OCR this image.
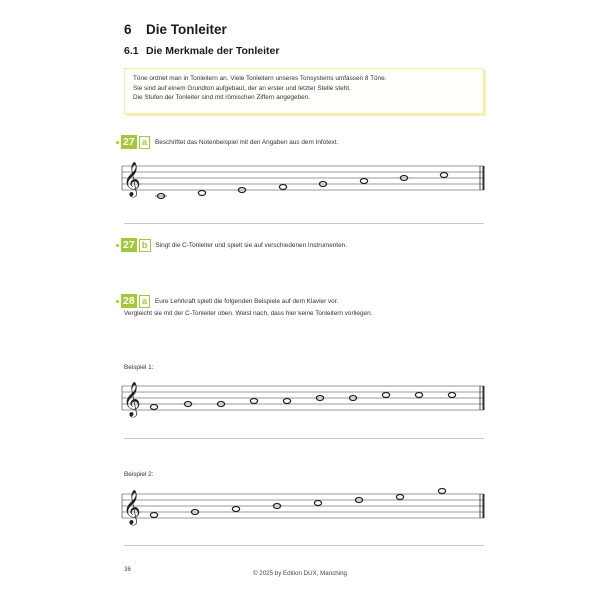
6 Die Tonleiter
6.1 Die Merkmale der Tonleiter
Töne ordnet man in Tonleitern an. Viele Tonleitern unseres Tonsystems umfassen 8 Töne.
Sie sind auf einem Grundton aufgebaut, der an erster und letzter Stelle steht.
Die Stufen der Tonleiter sind mit römischen Ziffern angegeben.
27 a	Beschriftet das Notenbeispiel mit den Angaben aus dem Infotext.
𝄞
27 b	Singt die C-Tonleiter und spielt sie auf verschiedenen Instrumenten.
28 a	Eure Lehrkraft spielt die folgenden Beispiele auf dem Klavier vor.
Vergleicht sie mit der C-Tonleiter oben. Weist nach, dass hier keine Tonleitern vorliegen.
Beispiel 1:
𝄞
Beispiel 2:
𝄞
36
© 2025 by Edition DUX, Manching
